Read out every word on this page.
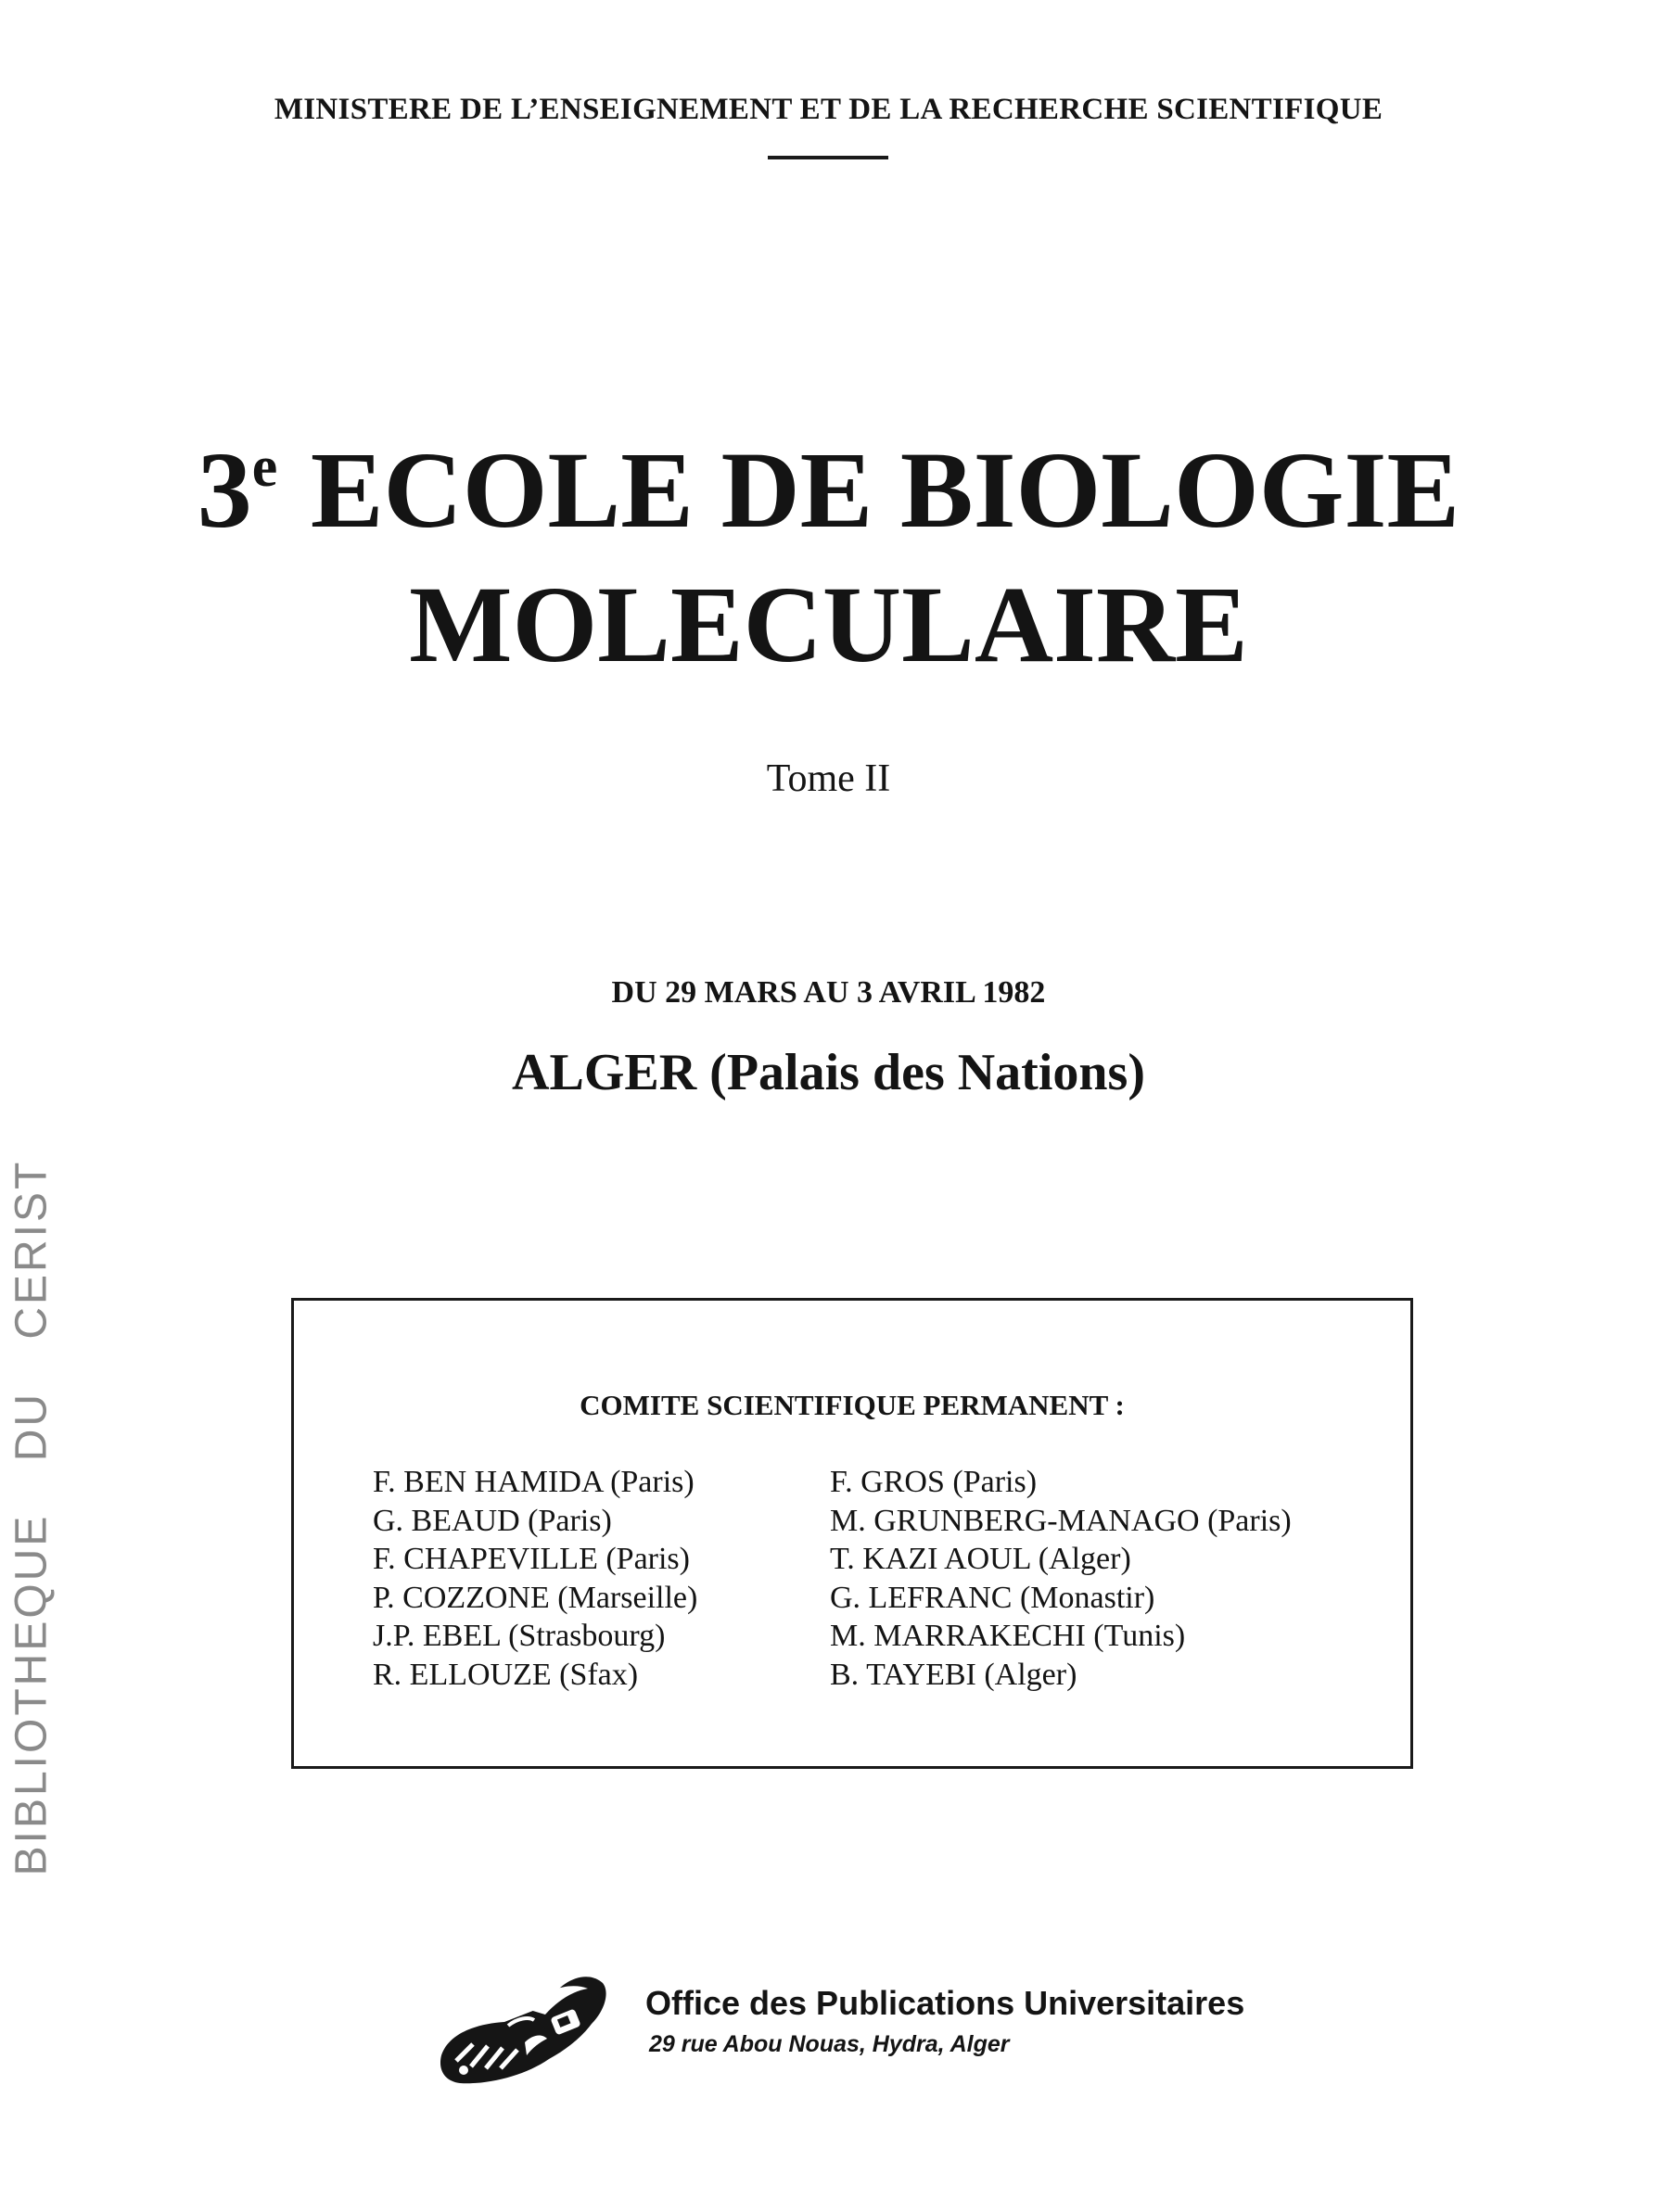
MINISTERE DE L’ENSEIGNEMENT ET DE LA RECHERCHE SCIENTIFIQUE
3e ECOLE DE BIOLOGIE
MOLECULAIRE
Tome II
DU 29 MARS AU 3 AVRIL 1982
ALGER (Palais des Nations)
BIBLIOTHEQUE DU CERIST	COMITE SCIENTIFIQUE PERMANENT :
F. BEN HAMIDA (Paris)
G. BEAUD (Paris)
F. CHAPEVILLE (Paris)
P. COZZONE (Marseille)
J.P. EBEL (Strasbourg)
R. ELLOUZE (Sfax)
F. GROS (Paris)
M. GRUNBERG-MANAGO (Paris)
T. KAZI AOUL (Alger)
G. LEFRANC (Monastir)
M. MARRAKECHI (Tunis)
B. TAYEBI (Alger)
Office des Publications Universitaires
29 rue Abou Nouas, Hydra, Alger
